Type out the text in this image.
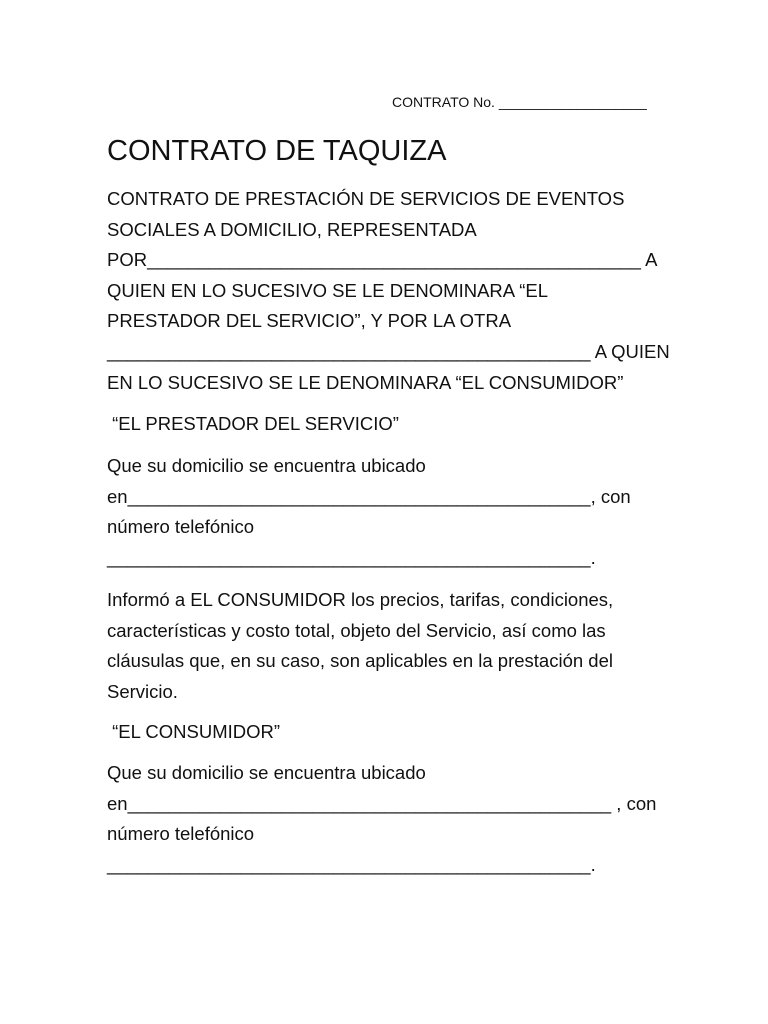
CONTRATO No. ___________________
CONTRATO DE TAQUIZA
CONTRATO DE PRESTACIÓN DE SERVICIOS DE EVENTOS
SOCIALES A DOMICILIO, REPRESENTADA
POR________________________________________________ A
QUIEN EN LO SUCESIVO SE LE DENOMINARA “EL
PRESTADOR DEL SERVICIO”, Y POR LA OTRA
_______________________________________________ A QUIEN
EN LO SUCESIVO SE LE DENOMINARA “EL CONSUMIDOR”
“EL PRESTADOR DEL SERVICIO”
Que su domicilio se encuentra ubicado
en_____________________________________________, con
número telefónico
_______________________________________________.
Informó a EL CONSUMIDOR los precios, tarifas, condiciones,
características y costo total, objeto del Servicio, así como las
cláusulas que, en su caso, son aplicables en la prestación del
Servicio.
“EL CONSUMIDOR”
Que su domicilio se encuentra ubicado
en_______________________________________________ , con
número telefónico
_______________________________________________.
